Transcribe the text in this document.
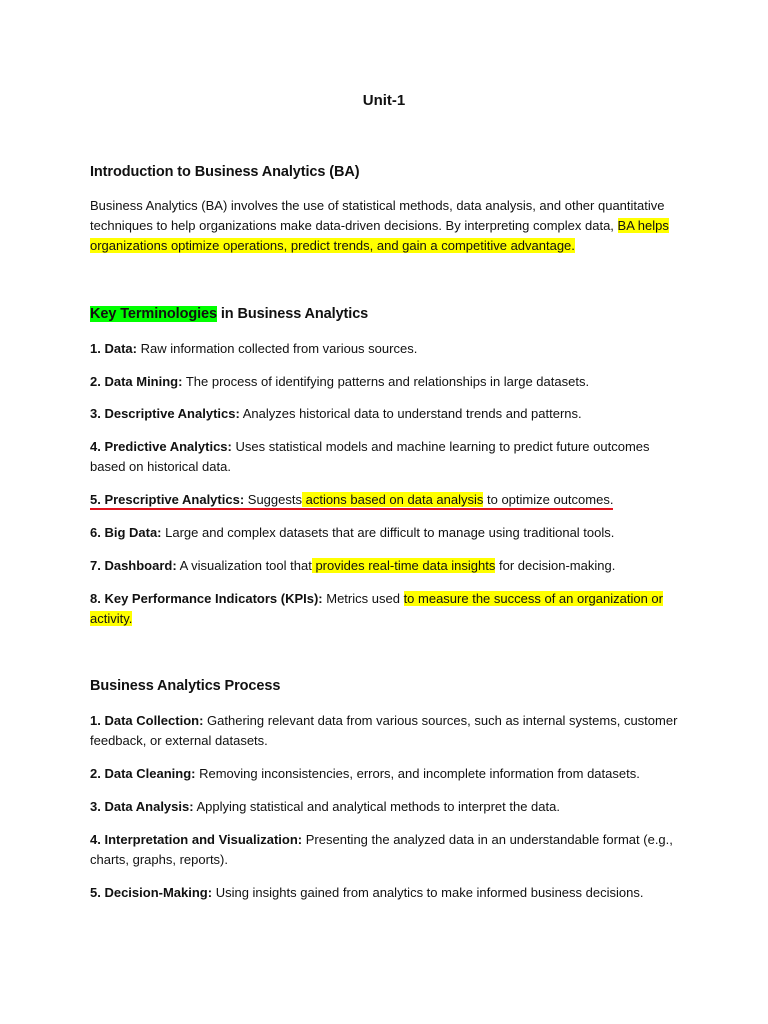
Unit-1
Introduction to Business Analytics (BA)
Business Analytics (BA) involves the use of statistical methods, data analysis, and other quantitative techniques to help organizations make data-driven decisions. By interpreting complex data, BA helps organizations optimize operations, predict trends, and gain a competitive advantage.
Key Terminologies in Business Analytics
1. Data: Raw information collected from various sources.
2. Data Mining: The process of identifying patterns and relationships in large datasets.
3. Descriptive Analytics: Analyzes historical data to understand trends and patterns.
4. Predictive Analytics: Uses statistical models and machine learning to predict future outcomes based on historical data.
5. Prescriptive Analytics: Suggests actions based on data analysis to optimize outcomes.
6. Big Data: Large and complex datasets that are difficult to manage using traditional tools.
7. Dashboard: A visualization tool that provides real-time data insights for decision-making.
8. Key Performance Indicators (KPIs): Metrics used to measure the success of an organization or activity.
Business Analytics Process
1. Data Collection: Gathering relevant data from various sources, such as internal systems, customer feedback, or external datasets.
2. Data Cleaning: Removing inconsistencies, errors, and incomplete information from datasets.
3. Data Analysis: Applying statistical and analytical methods to interpret the data.
4. Interpretation and Visualization: Presenting the analyzed data in an understandable format (e.g., charts, graphs, reports).
5. Decision-Making: Using insights gained from analytics to make informed business decisions.
